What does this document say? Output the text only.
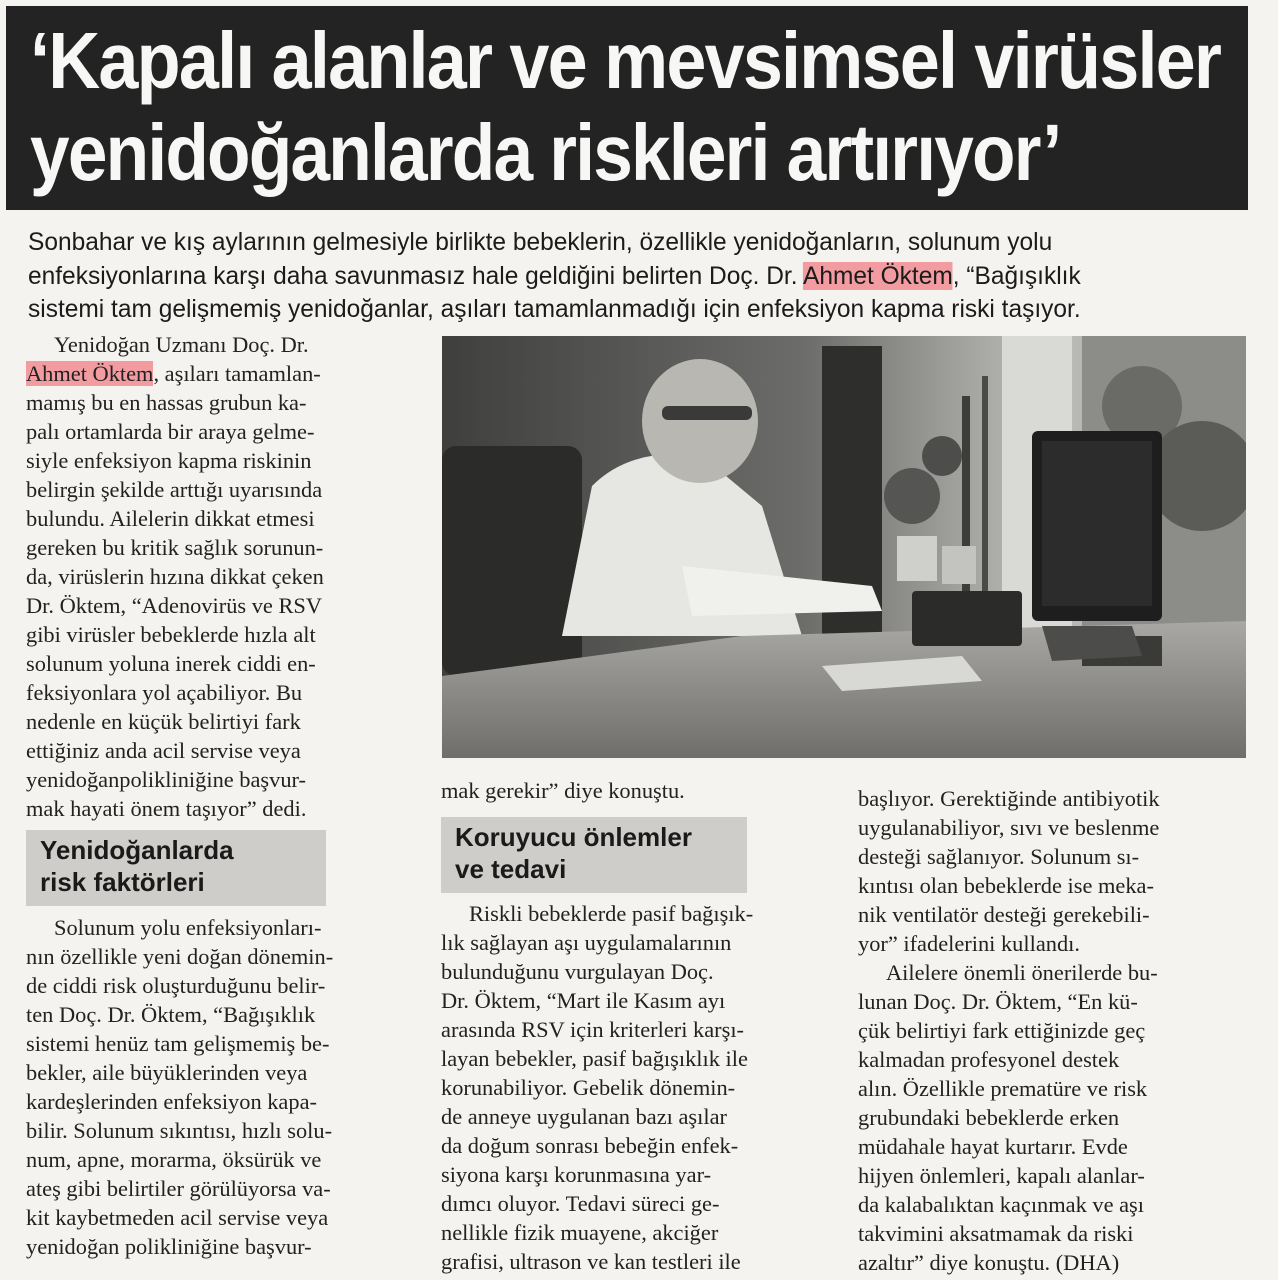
‘Kapalı alanlar ve mevsimsel virüsler
yenidoğanlarda riskleri artırıyor’
Sonbahar ve kış aylarının gelmesiyle birlikte bebeklerin, özellikle yenidoğanların, solunum yolu
enfeksiyonlarına karşı daha savunmasız hale geldiğini belirten Doç. Dr. Ahmet Öktem, “Bağışıklık
sistemi tam gelişmemiş yenidoğanlar, aşıları tamamlanmadığı için enfeksiyon kapma riski taşıyor.
Yenidoğan Uzmanı Doç. Dr.
Ahmet Öktem, aşıları tamamlan-
mamış bu en hassas grubun ka-
palı ortamlarda bir araya gelme-
siyle enfeksiyon kapma riskinin
belirgin şekilde arttığı uyarısında
bulundu. Ailelerin dikkat etmesi
gereken bu kritik sağlık sorunun-
da, virüslerin hızına dikkat çeken
Dr. Öktem, “Adenovirüs ve RSV
gibi virüsler bebeklerde hızla alt
solunum yoluna inerek ciddi en-
feksiyonlara yol açabiliyor. Bu
nedenle en küçük belirtiyi fark
ettiğiniz anda acil servise veya
yenidoğanpolikliniğine başvur-
mak hayati önem taşıyor” dedi.
Yenidoğanlarda
risk faktörleri
Solunum yolu enfeksiyonları-
nın özellikle yeni doğan dönemin-
de ciddi risk oluşturduğunu belir-
ten Doç. Dr. Öktem, “Bağışıklık
sistemi henüz tam gelişmemiş be-
bekler, aile büyüklerinden veya
kardeşlerinden enfeksiyon kapa-
bilir. Solunum sıkıntısı, hızlı solu-
num, apne, morarma, öksürük ve
ateş gibi belirtiler görülüyorsa va-
kit kaybetmeden acil servise veya
yenidoğan polikliniğine başvur-
mak gerekir” diye konuştu.
Koruyucu önlemler
ve tedavi
Riskli bebeklerde pasif bağışık-
lık sağlayan aşı uygulamalarının
bulunduğunu vurgulayan Doç.
Dr. Öktem, “Mart ile Kasım ayı
arasında RSV için kriterleri karşı-
layan bebekler, pasif bağışıklık ile
korunabiliyor. Gebelik dönemin-
de anneye uygulanan bazı aşılar
da doğum sonrası bebeğin enfek-
siyona karşı korunmasına yar-
dımcı oluyor. Tedavi süreci ge-
nellikle fizik muayene, akciğer
grafisi, ultrason ve kan testleri ile
başlıyor. Gerektiğinde antibiyotik
uygulanabiliyor, sıvı ve beslenme
desteği sağlanıyor. Solunum sı-
kıntısı olan bebeklerde ise meka-
nik ventilatör desteği gerekebili-
yor” ifadelerini kullandı.
Ailelere önemli önerilerde bu-
lunan Doç. Dr. Öktem, “En kü-
çük belirtiyi fark ettiğinizde geç
kalmadan profesyonel destek
alın. Özellikle prematüre ve risk
grubundaki bebeklerde erken
müdahale hayat kurtarır. Evde
hijyen önlemleri, kapalı alanlar-
da kalabalıktan kaçınmak ve aşı
takvimini aksatmamak da riski
azaltır” diye konuştu. (DHA)
